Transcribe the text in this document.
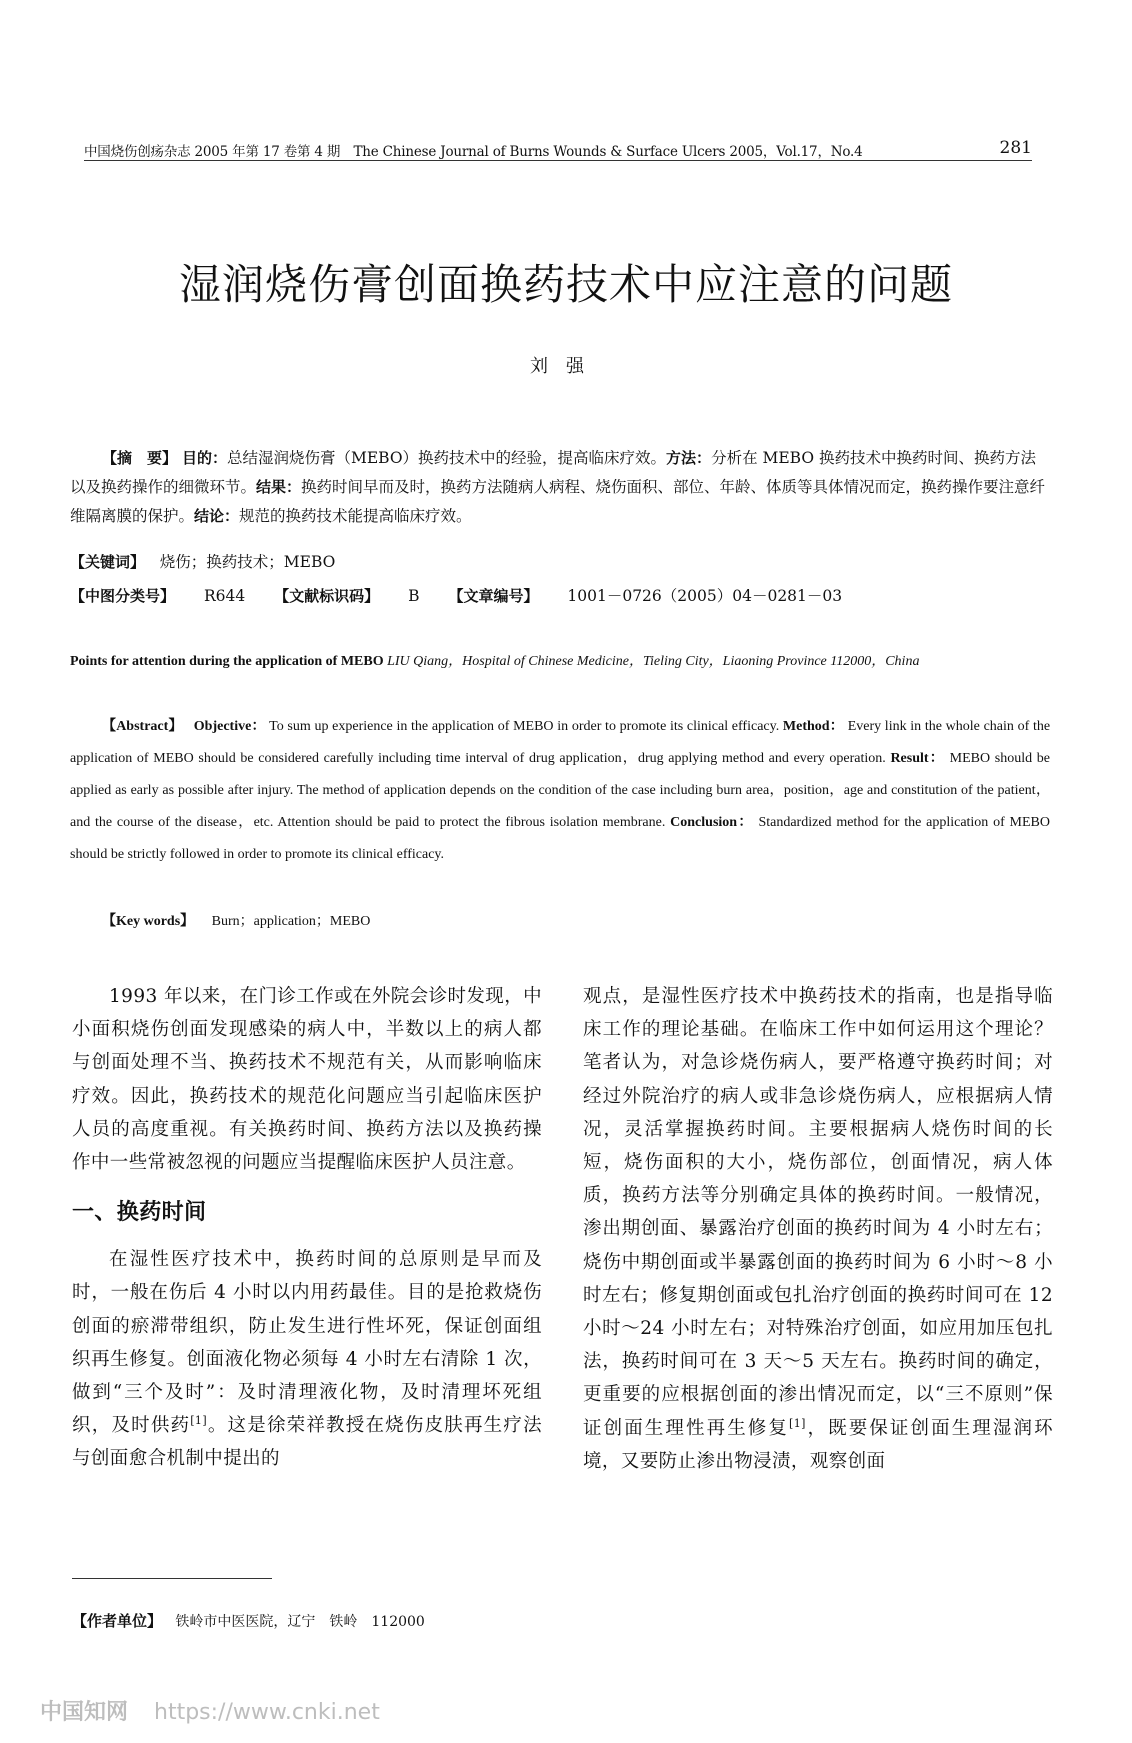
中国烧伤创疡杂志 2005 年第 17 卷第 4 期　The Chinese Journal of Burns Wounds & Surface Ulcers 2005，Vol.17，No.4	281
湿润烧伤膏创面换药技术中应注意的问题
刘强
【摘　要】 目的：总结湿润烧伤膏（MEBO）换药技术中的经验，提高临床疗效。方法：分析在 MEBO 换药技术中换药时间、换药方法以及换药操作的细微环节。结果：换药时间早而及时，换药方法随病人病程、烧伤面积、部位、年龄、体质等具体情况而定，换药操作要注意纤维隔离膜的保护。结论：规范的换药技术能提高临床疗效。
【关键词】 烧伤；换药技术；MEBO
【中图分类号】 R644 【文献标识码】 B 【文章编号】 1001－0726（2005）04－0281－03
Points for attention during the application of MEBO LIU Qiang，Hospital of Chinese Medicine，Tieling City，Liaoning Province 112000，China
【Abstract】 Objective： To sum up experience in the application of MEBO in order to promote its clinical efficacy. Method： Every link in the whole chain of the application of MEBO should be considered carefully including time interval of drug application，drug applying method and every operation. Result： MEBO should be applied as early as possible after injury. The method of application depends on the condition of the case including burn area，position，age and constitution of the patient，and the course of the disease，etc. Attention should be paid to protect the fibrous isolation membrane. Conclusion： Standardized method for the application of MEBO should be strictly followed in order to promote its clinical efficacy.
【Key words】 Burn；application；MEBO

1993 年以来，在门诊工作或在外院会诊时发现，中小面积烧伤创面发现感染的病人中，半数以上的病人都与创面处理不当、换药技术不规范有关，从而影响临床疗效。因此，换药技术的规范化问题应当引起临床医护人员的高度重视。有关换药时间、换药方法以及换药操作中一些常被忽视的问题应当提醒临床医护人员注意。

一、换药时间

在湿性医疗技术中，换药时间的总原则是早而及时，一般在伤后 4 小时以内用药最佳。目的是抢救烧伤创面的瘀滞带组织，防止发生进行性坏死，保证创面组织再生修复。创面液化物必须每 4 小时左右清除 1 次，做到“三个及时”：及时清理液化物，及时清理坏死组织，及时供药[1]。这是徐荣祥教授在烧伤皮肤再生疗法与创面愈合机制中提出的

观点，是湿性医疗技术中换药技术的指南，也是指导临床工作的理论基础。在临床工作中如何运用这个理论？笔者认为，对急诊烧伤病人，要严格遵守换药时间；对经过外院治疗的病人或非急诊烧伤病人，应根据病人情况，灵活掌握换药时间。主要根据病人烧伤时间的长短，烧伤面积的大小，烧伤部位，创面情况，病人体质，换药方法等分别确定具体的换药时间。一般情况，渗出期创面、暴露治疗创面的换药时间为 4 小时左右；烧伤中期创面或半暴露创面的换药时间为 6 小时～8 小时左右；修复期创面或包扎治疗创面的换药时间可在 12 小时～24 小时左右；对特殊治疗创面，如应用加压包扎法，换药时间可在 3 天～5 天左右。换药时间的确定，更重要的应根据创面的渗出情况而定，以“三不原则”保证创面生理性再生修复[1]，既要保证创面生理湿润环境，又要防止渗出物浸渍，观察创面

【作者单位】 铁岭市中医医院，辽宁　铁岭　112000
中国知网 https://www.cnki.net
